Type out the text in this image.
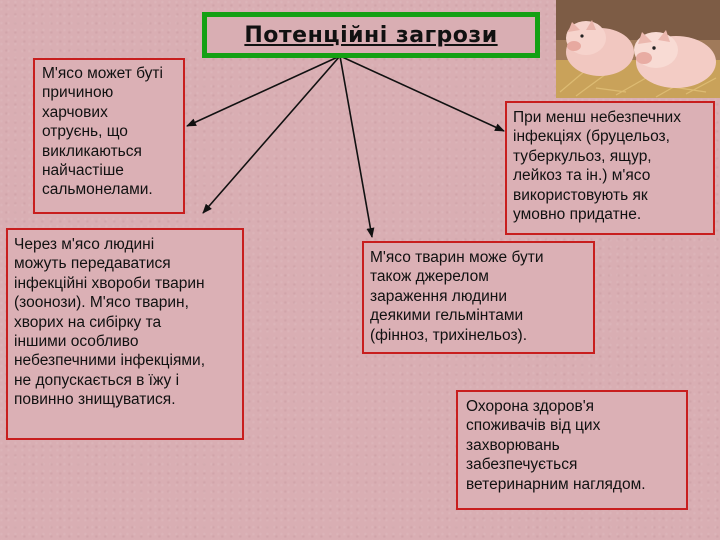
Потенційні загрози
М'ясо может буті
причиною
харчових
отруєнь, що
викликаються
найчастіше
сальмонелами.
Через м'ясо людині
можуть передаватися
інфекційні хвороби тварин
(зоонози). М'ясо тварин,
хворих на сибірку та
іншими особливо
небезпечними інфекціями,
не допускається в їжу і
повинно знищуватися.
При менш небезпечних
інфекціях (бруцельоз,
туберкульоз, ящур,
лейкоз та ін.) м'ясо
використовують як
умовно придатне.
М'ясо тварин може бути
також джерелом
зараження людини
деякими гельмінтами
(фінноз, трихінельоз).
Охорона здоров'я
споживачів від цих
захворювань
забезпечується
ветеринарним наглядом.
